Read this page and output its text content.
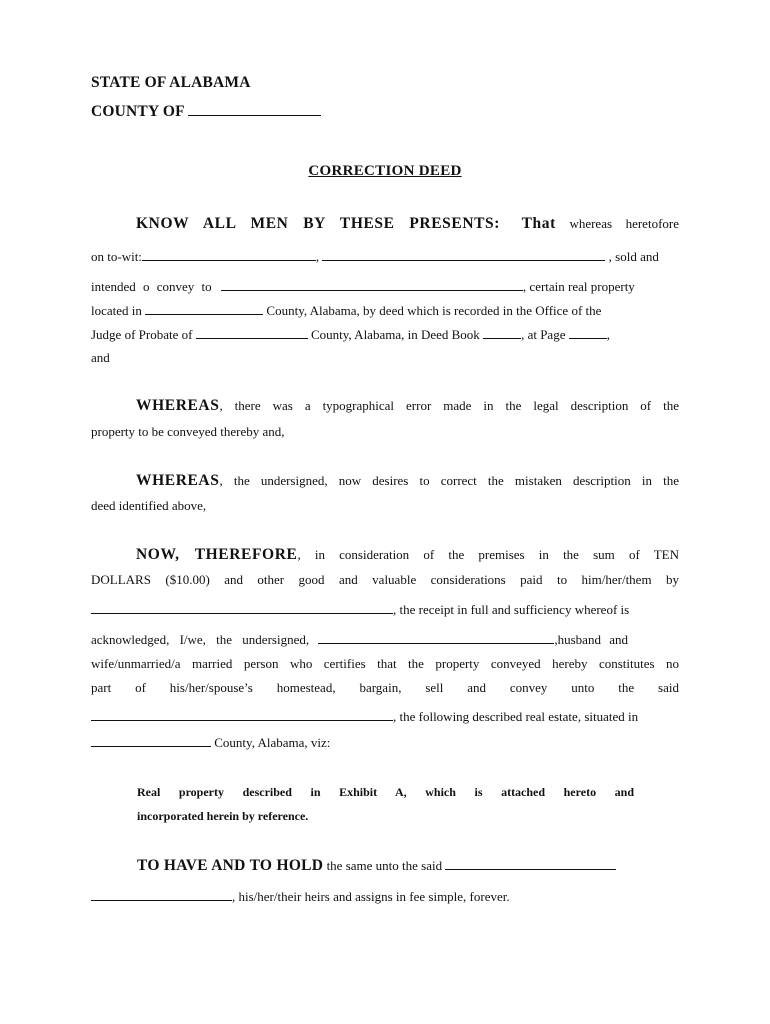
STATE OF ALABAMA
COUNTY OF
CORRECTION DEED
KNOW ALL MEN BY THESE PRESENTS: That whereas heretofore
on to-wit:	,	, sold and
intended o convey to	, certain real property
located in	County, Alabama, by deed which is recorded in the Office of the
Judge of Probate of	County, Alabama, in Deed Book	, at Page	,
and
WHEREAS, there was a typographical error made in the legal description of the
property to be conveyed thereby and,
WHEREAS, the undersigned, now desires to correct the mistaken description in the
deed identified above,
NOW, THEREFORE, in consideration of the premises in the sum of TEN
DOLLARS ($10.00) and other good and valuable considerations paid to him/her/them by
, the receipt in full and sufficiency whereof is
acknowledged, I/we, the undersigned,	,husband and
wife/unmarried/a married person who certifies that the property conveyed hereby constitutes no
part of his/her/spouse’s homestead, bargain, sell and convey unto the said
, the following described real estate, situated in
County, Alabama, viz:
Real property described in Exhibit A, which is attached hereto and
incorporated herein by reference.
TO HAVE AND TO HOLD the same unto the said
, his/her/their heirs and assigns in fee simple, forever.
